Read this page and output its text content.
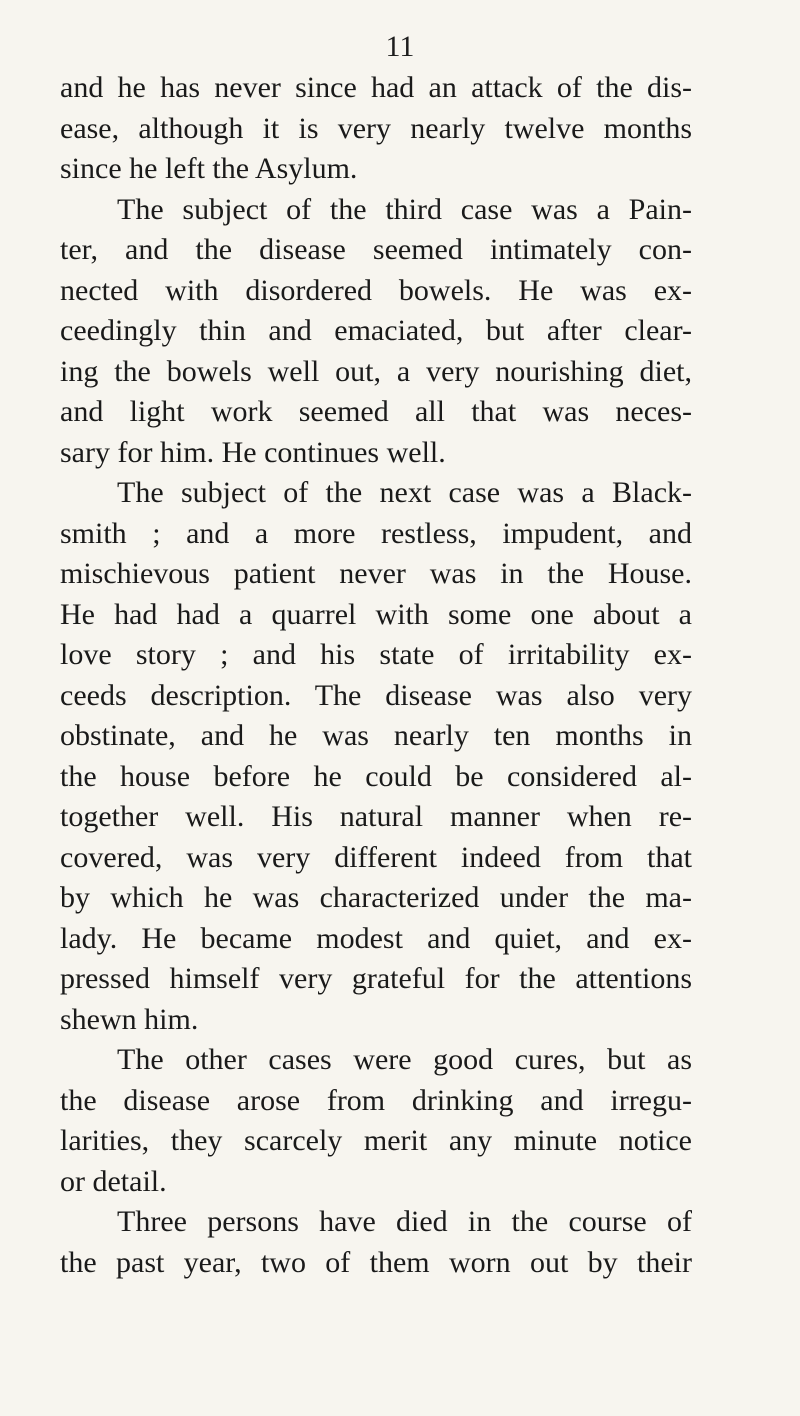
11
and he has never since had an attack of the dis-
ease, although it is very nearly twelve months
since he left the Asylum.
The subject of the third case was a Pain-
ter, and the disease seemed intimately con-
nected with disordered bowels. He was ex-
ceedingly thin and emaciated, but after clear-
ing the bowels well out, a very nourishing diet,
and light work seemed all that was neces-
sary for him. He continues well.
The subject of the next case was a Black-
smith ; and a more restless, impudent, and
mischievous patient never was in the House.
He had had a quarrel with some one about a
love story ; and his state of irritability ex-
ceeds description. The disease was also very
obstinate, and he was nearly ten months in
the house before he could be considered al-
together well. His natural manner when re-
covered, was very different indeed from that
by which he was characterized under the ma-
lady. He became modest and quiet, and ex-
pressed himself very grateful for the attentions
shewn him.
The other cases were good cures, but as
the disease arose from drinking and irregu-
larities, they scarcely merit any minute notice
or detail.
Three persons have died in the course of
the past year, two of them worn out by their
